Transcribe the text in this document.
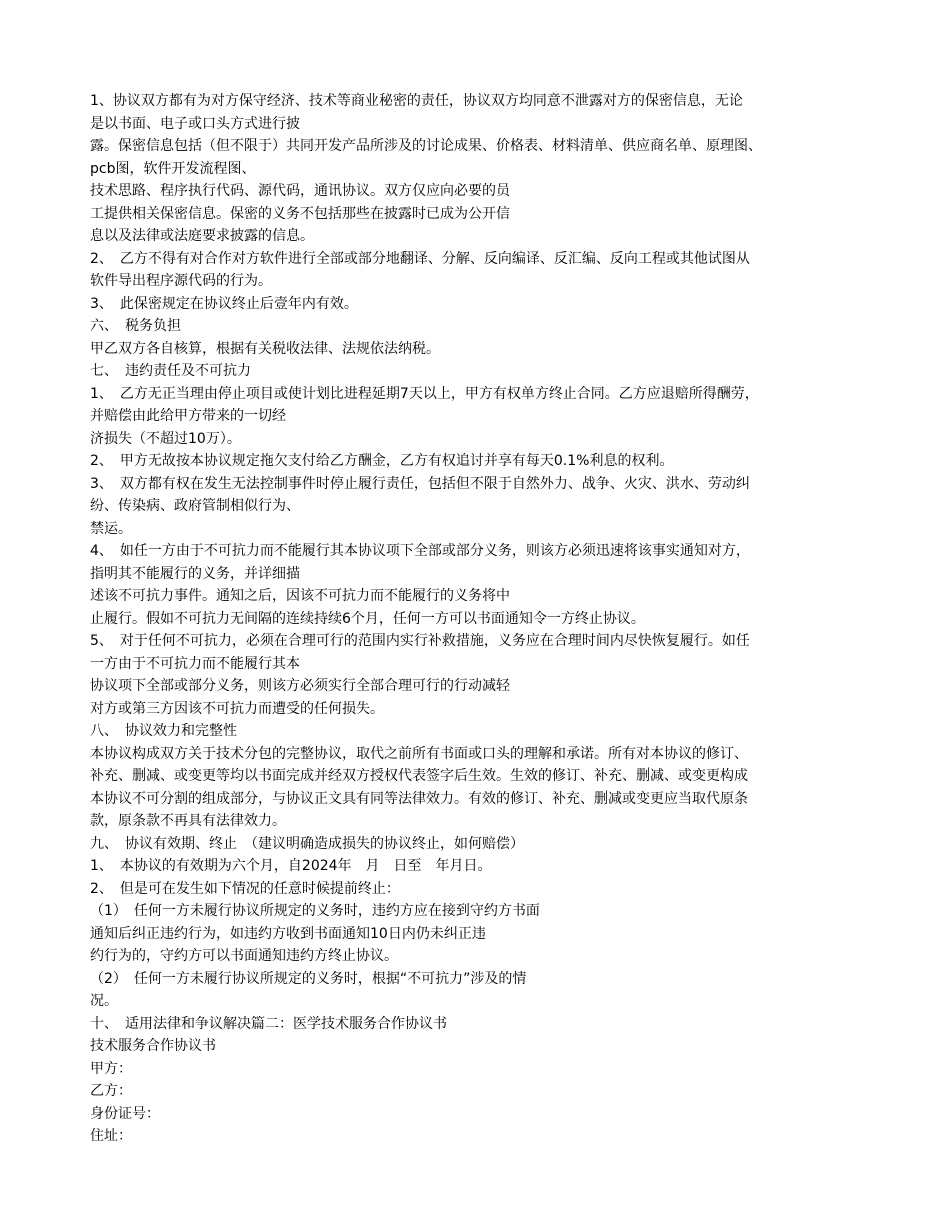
1、协议双方都有为对方保守经济、技术等商业秘密的责任，协议双方均同意不泄露对方的保密信息，无论
是以书面、电子或口头方式进行披
露。保密信息包括（但不限于）共同开发产品所涉及的讨论成果、价格表、材料清单、供应商名单、原理图、
pcb图，软件开发流程图、
技术思路、程序执行代码、源代码，通讯协议。双方仅应向必要的员
工提供相关保密信息。保密的义务不包括那些在披露时已成为公开信
息以及法律或法庭要求披露的信息。
2、　乙方不得有对合作对方软件进行全部或部分地翻译、分解、反向编译、反汇编、反向工程或其他试图从
软件导出程序源代码的行为。
3、　此保密规定在协议终止后壹年内有效。
六、　税务负担
甲乙双方各自核算，根据有关税收法律、法规依法纳税。
七、　违约责任及不可抗力
1、　乙方无正当理由停止项目或使计划比进程延期7天以上，甲方有权单方终止合同。乙方应退赔所得酬劳，
并赔偿由此给甲方带来的一切经
济损失（不超过10万）。
2、　甲方无故按本协议规定拖欠支付给乙方酬金，乙方有权追讨并享有每天0.1%利息的权利。
3、　双方都有权在发生无法控制事件时停止履行责任，包括但不限于自然外力、战争、火灾、洪水、劳动纠
纷、传染病、政府管制相似行为、
禁运。
4、　如任一方由于不可抗力而不能履行其本协议项下全部或部分义务，则该方必须迅速将该事实通知对方，
指明其不能履行的义务，并详细描
述该不可抗力事件。通知之后，因该不可抗力而不能履行的义务将中
止履行。假如不可抗力无间隔的连续持续6个月，任何一方可以书面通知令一方终止协议。
5、　对于任何不可抗力，必须在合理可行的范围内实行补救措施，义务应在合理时间内尽快恢复履行。如任
一方由于不可抗力而不能履行其本
协议项下全部或部分义务，则该方必须实行全部合理可行的行动减轻
对方或第三方因该不可抗力而遭受的任何损失。
八、　协议效力和完整性
本协议构成双方关于技术分包的完整协议，取代之前所有书面或口头的理解和承诺。所有对本协议的修订、
补充、删减、或变更等均以书面完成并经双方授权代表签字后生效。生效的修订、补充、删减、或变更构成
本协议不可分割的组成部分，与协议正文具有同等法律效力。有效的修订、补充、删减或变更应当取代原条
款，原条款不再具有法律效力。
九、　协议有效期、终止　（建议明确造成损失的协议终止，如何赔偿）
1、　本协议的有效期为六个月，自2024年　月　日至　年月日。
2、　但是可在发生如下情况的任意时候提前终止：
（1）　任何一方未履行协议所规定的义务时，违约方应在接到守约方书面
通知后纠正违约行为，如违约方收到书面通知10日内仍未纠正违
约行为的，守约方可以书面通知违约方终止协议。
（2）　任何一方未履行协议所规定的义务时，根据“不可抗力”涉及的情
况。
十、　适用法律和争议解决篇二：医学技术服务合作协议书
技术服务合作协议书
甲方：
乙方：
身份证号：
住址：
